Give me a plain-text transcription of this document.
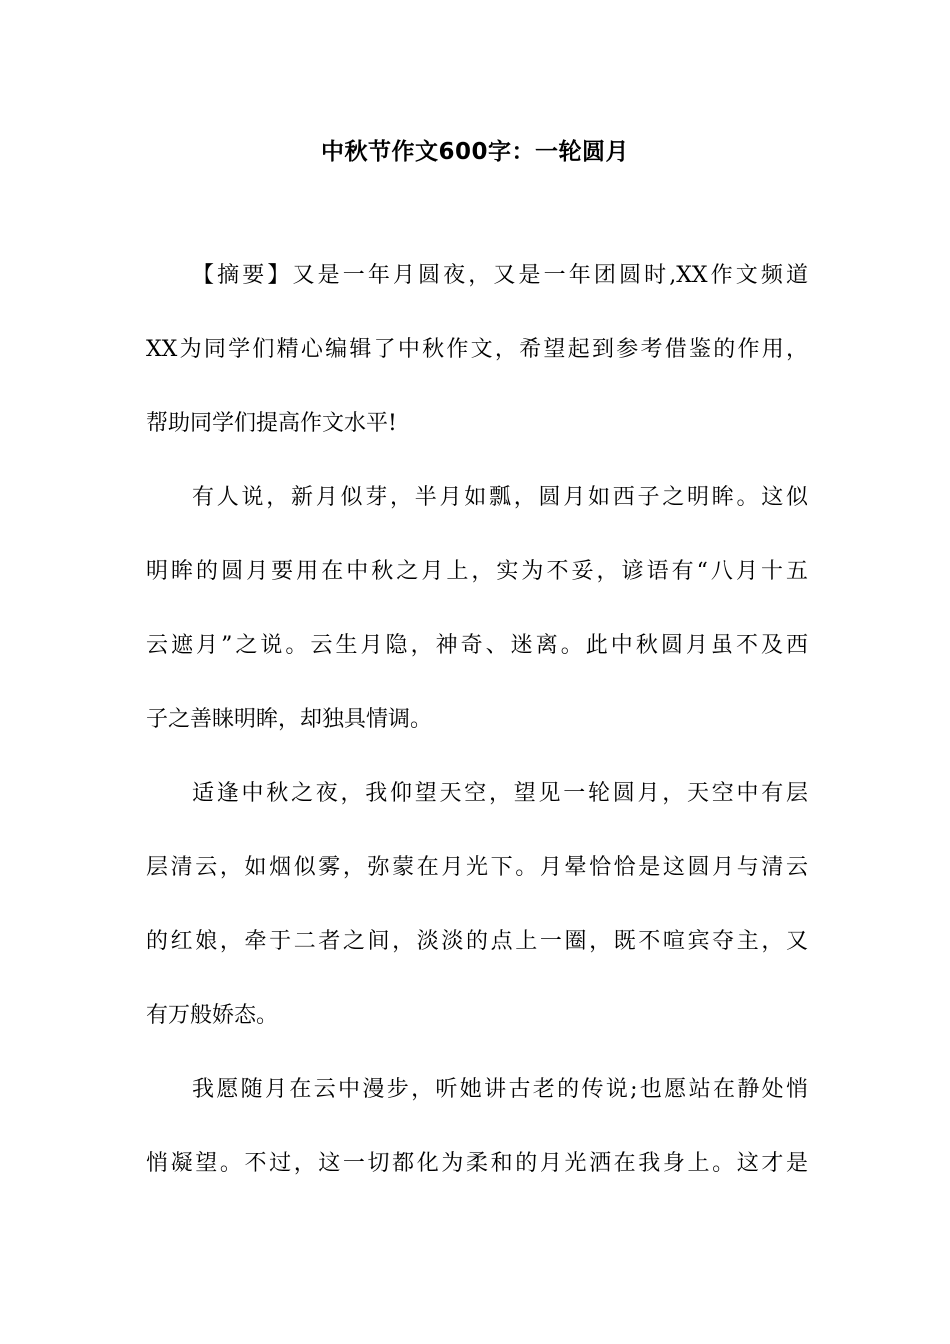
中秋节作文600字：一轮圆月
【摘要】又是一年月圆夜，又是一年团圆时,XX作文频道
XX为同学们精心编辑了中秋作文，希望起到参考借鉴的作用，
帮助同学们提高作文水平!
有人说，新月似芽，半月如瓢，圆月如西子之明眸。这似
明眸的圆月要用在中秋之月上，实为不妥，谚语有“八月十五
云遮月”之说。云生月隐，神奇、迷离。此中秋圆月虽不及西
子之善睐明眸，却独具情调。
适逢中秋之夜，我仰望天空，望见一轮圆月，天空中有层
层清云，如烟似雾，弥蒙在月光下。月晕恰恰是这圆月与清云
的红娘，牵于二者之间，淡淡的点上一圈，既不喧宾夺主，又
有万般娇态。
我愿随月在云中漫步，听她讲古老的传说;也愿站在静处悄
悄凝望。不过，这一切都化为柔和的月光洒在我身上。这才是
